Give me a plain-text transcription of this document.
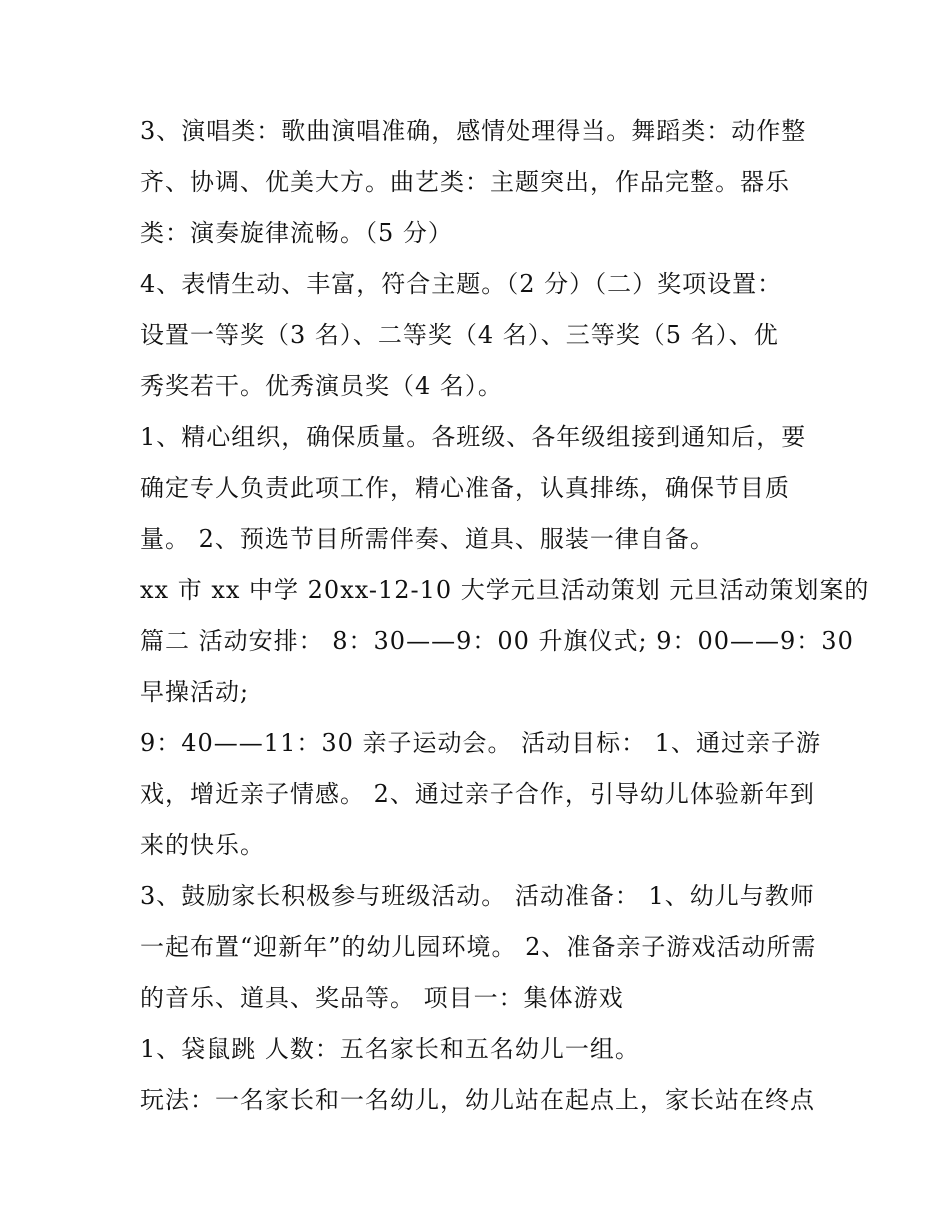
3、演唱类：歌曲演唱准确，感情处理得当。舞蹈类：动作整
齐、协调、优美大方。曲艺类：主题突出，作品完整。器乐
类：演奏旋律流畅。（5 分）
4、表情生动、丰富，符合主题。（2 分）（二）奖项设置：
设置一等奖（3 名）、二等奖（4 名）、三等奖（5 名）、优
秀奖若干。优秀演员奖（4 名）。
1、精心组织，确保质量。各班级、各年级组接到通知后，要
确定专人负责此项工作，精心准备，认真排练，确保节目质
量。 2、预选节目所需伴奏、道具、服装一律自备。
xx 市 xx 中学 20xx-12-10 大学元旦活动策划 元旦活动策划案的
篇二 活动安排： 8：30——9：00 升旗仪式; 9：00——9：30
早操活动;
9：40——11：30 亲子运动会。 活动目标： 1、通过亲子游
戏，增近亲子情感。 2、通过亲子合作，引导幼儿体验新年到
来的快乐。
3、鼓励家长积极参与班级活动。 活动准备： 1、幼儿与教师
一起布置“迎新年”的幼儿园环境。 2、准备亲子游戏活动所需
的音乐、道具、奖品等。 项目一：集体游戏
1、袋鼠跳 人数：五名家长和五名幼儿一组。
玩法：一名家长和一名幼儿，幼儿站在起点上，家长站在终点
